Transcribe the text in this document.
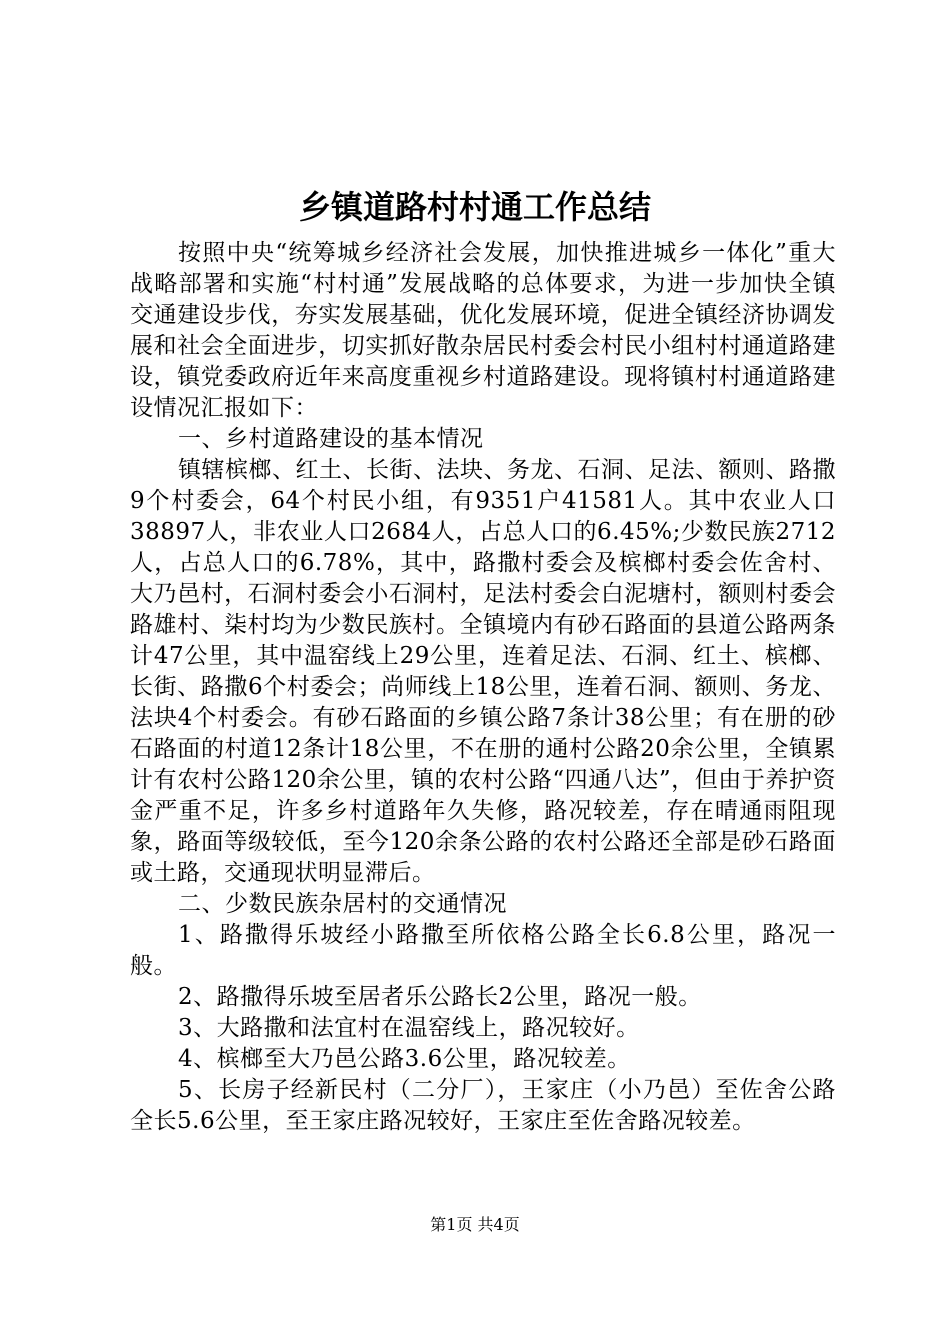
乡镇道路村村通工作总结

按照中央“统筹城乡经济社会发展，加快推进城乡一体化”重大战略部署和实施“村村通”发展战略的总体要求，为进一步加快全镇交通建设步伐，夯实发展基础，优化发展环境，促进全镇经济协调发展和社会全面进步，切实抓好散杂居民村委会村民小组村村通道路建设，镇党委政府近年来高度重视乡村道路建设。现将镇村村通道路建设情况汇报如下：

一、乡村道路建设的基本情况

镇辖槟榔、红土、长街、法块、务龙、石洞、足法、额则、路撒9个村委会，64个村民小组，有9351户41581人。其中农业人口38897人，非农业人口2684人，占总人口的6.45%;少数民族2712人，占总人口的6.78%，其中，路撒村委会及槟榔村委会佐舍村、大乃邑村，石洞村委会小石洞村，足法村委会白泥塘村，额则村委会路雄村、柒村均为少数民族村。全镇境内有砂石路面的县道公路两条计47公里，其中温窑线上29公里，连着足法、石洞、红土、槟榔、长街、路撒6个村委会；尚师线上18公里，连着石洞、额则、务龙、法块4个村委会。有砂石路面的乡镇公路7条计38公里；有在册的砂石路面的村道12条计18公里，不在册的通村公路20余公里，全镇累计有农村公路120余公里，镇的农村公路“四通八达”，但由于养护资金严重不足，许多乡村道路年久失修，路况较差，存在晴通雨阻现象，路面等级较低，至今120余条公路的农村公路还全部是砂石路面或土路，交通现状明显滞后。

二、少数民族杂居村的交通情况

1、路撒得乐坡经小路撒至所依格公路全长6.8公里，路况一般。

2、路撒得乐坡至居者乐公路长2公里，路况一般。

3、大路撒和法宜村在温窑线上，路况较好。

4、槟榔至大乃邑公路3.6公里，路况较差。

5、长房子经新民村（二分厂），王家庄（小乃邑）至佐舍公路全长5.6公里，至王家庄路况较好，王家庄至佐舍路况较差。

第1页 共4页
